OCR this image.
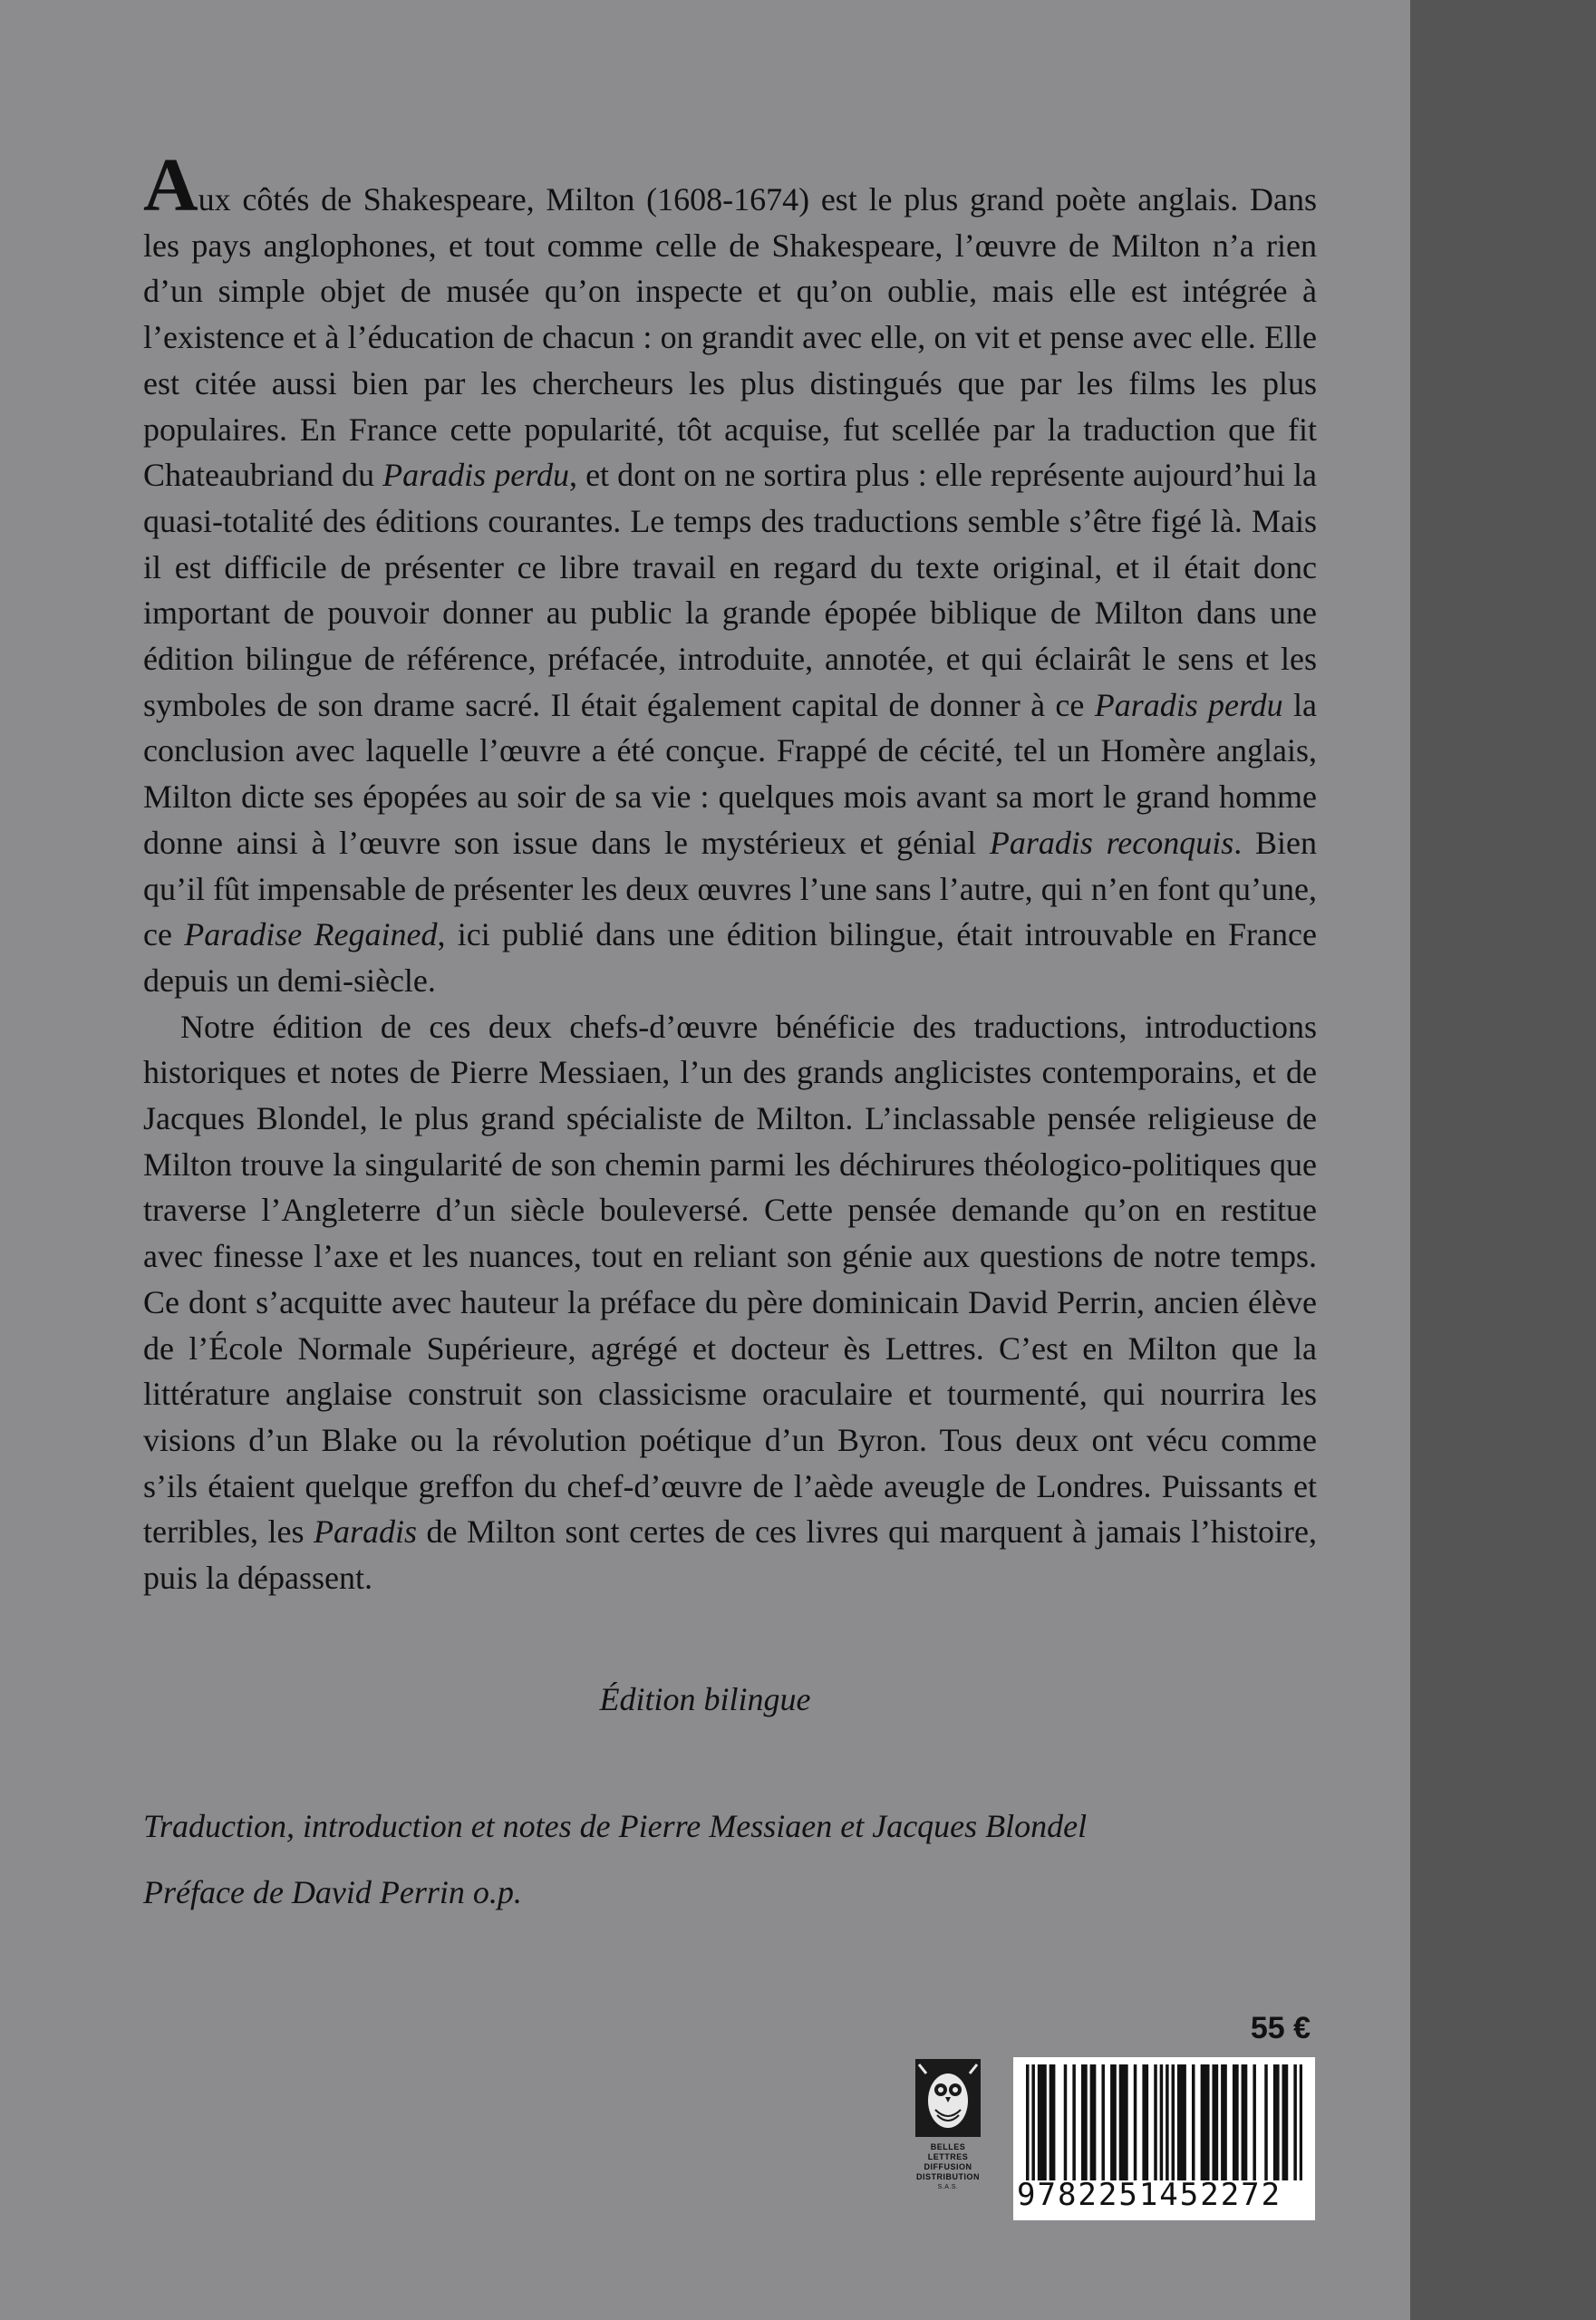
Aux côtés de Shakespeare, Milton (1608-1674) est le plus grand poète anglais. Dans les pays anglophones, et tout comme celle de Shakespeare, l’œuvre de Milton n’a rien d’un simple objet de musée qu’on inspecte et qu’on oublie, mais elle est intégrée à l’existence et à l’éducation de chacun : on grandit avec elle, on vit et pense avec elle. Elle est citée aussi bien par les chercheurs les plus distingués que par les films les plus populaires. En France cette popularité, tôt acquise, fut scellée par la traduction que fit Chateaubriand du Paradis perdu, et dont on ne sortira plus : elle représente aujourd’hui la quasi-totalité des éditions courantes. Le temps des traductions semble s’être figé là. Mais il est difficile de présenter ce libre travail en regard du texte original, et il était donc important de pouvoir donner au public la grande épopée biblique de Milton dans une édition bilingue de référence, préfacée, introduite, annotée, et qui éclairât le sens et les symboles de son drame sacré. Il était également capital de donner à ce Paradis perdu la conclusion avec laquelle l’œuvre a été conçue. Frappé de cécité, tel un Homère anglais, Milton dicte ses épopées au soir de sa vie : quelques mois avant sa mort le grand homme donne ainsi à l’œuvre son issue dans le mystérieux et génial Paradis reconquis. Bien qu’il fût impensable de présenter les deux œuvres l’une sans l’autre, qui n’en font qu’une, ce Paradise Regained, ici publié dans une édition bilingue, était introuvable en France depuis un demi-siècle.

Notre édition de ces deux chefs-d’œuvre bénéficie des traductions, introductions historiques et notes de Pierre Messiaen, l’un des grands anglicistes contemporains, et de Jacques Blondel, le plus grand spécialiste de Milton. L’inclassable pensée religieuse de Milton trouve la singularité de son chemin parmi les déchirures théologico-politiques que traverse l’Angleterre d’un siècle bouleversé. Cette pensée demande qu’on en restitue avec finesse l’axe et les nuances, tout en reliant son génie aux questions de notre temps. Ce dont s’acquitte avec hauteur la préface du père dominicain David Perrin, ancien élève de l’École Normale Supérieure, agrégé et docteur ès Lettres. C’est en Milton que la littérature anglaise construit son classicisme oraculaire et tourmenté, qui nourrira les visions d’un Blake ou la révolution poétique d’un Byron. Tous deux ont vécu comme s’ils étaient quelque greffon du chef-d’œuvre de l’aède aveugle de Londres. Puissants et terribles, les Paradis de Milton sont certes de ces livres qui marquent à jamais l’histoire, puis la dépassent.

Édition bilingue
Traduction, introduction et notes de Pierre Messiaen et Jacques Blondel
Préface de David Perrin o.p.
55 €
BELLES LETTRES
DIFFUSION
DISTRIBUTION
S.A.S.	9782251452272
